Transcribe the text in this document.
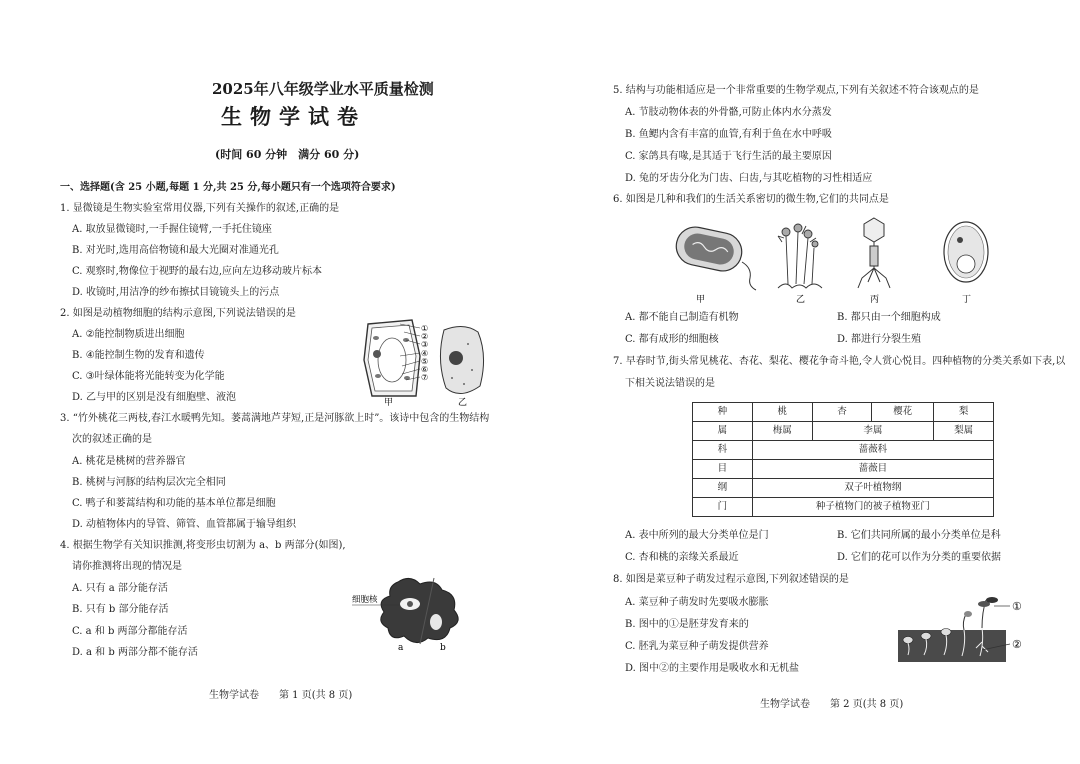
2025年八年级学业水平质量检测
生物学试卷
(时间 60 分钟　满分 60 分)
一、选择题(含 25 小题,每题 1 分,共 25 分,每小题只有一个选项符合要求)
1. 显微镜是生物实验室常用仪器,下列有关操作的叙述,正确的是
A. 取放显微镜时,一手握住镜臂,一手托住镜座
B. 对光时,选用高倍物镜和最大光圈对准通光孔
C. 观察时,物像位于视野的最右边,应向左边移动玻片标本
D. 收镜时,用洁净的纱布擦拭目镜镜头上的污点
2. 如图是动植物细胞的结构示意图,下列说法错误的是
A. ②能控制物质进出细胞
B. ④能控制生物的发育和遗传
C. ③叶绿体能将光能转变为化学能
D. 乙与甲的区别是没有细胞壁、液泡
①
②
③
④
⑤
⑥
⑦
甲	乙
3. “竹外桃花三两枝,春江水暖鸭先知。蒌蒿满地芦芽短,正是河豚欲上时”。该诗中包含的生物结构
次的叙述正确的是
A. 桃花是桃树的营养器官
B. 桃树与河豚的结构层次完全相同
C. 鸭子和蒌蒿结构和功能的基本单位都是细胞
D. 动植物体内的导管、筛管、血管都属于输导组织
4. 根据生物学有关知识推测,将变形虫切割为 a、b 两部分(如图),
请你推测将出现的情况是
A. 只有 a 部分能存活
B. 只有 b 部分能存活
C. a 和 b 两部分都能存活
D. a 和 b 两部分都不能存活
细胞核
a	b
生物学试卷　　第 1 页(共 8 页)
5. 结构与功能相适应是一个非常重要的生物学观点,下列有关叙述不符合该观点的是
A. 节肢动物体表的外骨骼,可防止体内水分蒸发
B. 鱼鳃内含有丰富的血管,有利于鱼在水中呼吸
C. 家鸽具有喙,是其适于飞行生活的最主要原因
D. 兔的牙齿分化为门齿、臼齿,与其吃植物的习性相适应
6. 如图是几种和我们的生活关系密切的微生物,它们的共同点是
甲	乙	丙	丁
A. 都不能自己制造有机物	B. 都只由一个细胞构成
C. 都有成形的细胞核	D. 都进行分裂生殖
7. 早春时节,街头常见桃花、杏花、梨花、樱花争奇斗艳,令人赏心悦目。四种植物的分类关系如下表,以
下相关说法错误的是
种	桃	杏	樱花	梨
属	梅属	李属		梨属
科	蔷薇科			
目	蔷薇目			
纲	双子叶植物纲			
门	种子植物门的被子植物亚门			
A. 表中所列的最大分类单位是门	B. 它们共同所属的最小分类单位是科
C. 杏和桃的亲缘关系最近	D. 它们的花可以作为分类的重要依据
8. 如图是菜豆种子萌发过程示意图,下列叙述错误的是
A. 菜豆种子萌发时先要吸水膨胀
B. 图中的①是胚芽发育来的
C. 胚乳为菜豆种子萌发提供营养
D. 图中②的主要作用是吸收水和无机盐
①
②
生物学试卷　　第 2 页(共 8 页)
